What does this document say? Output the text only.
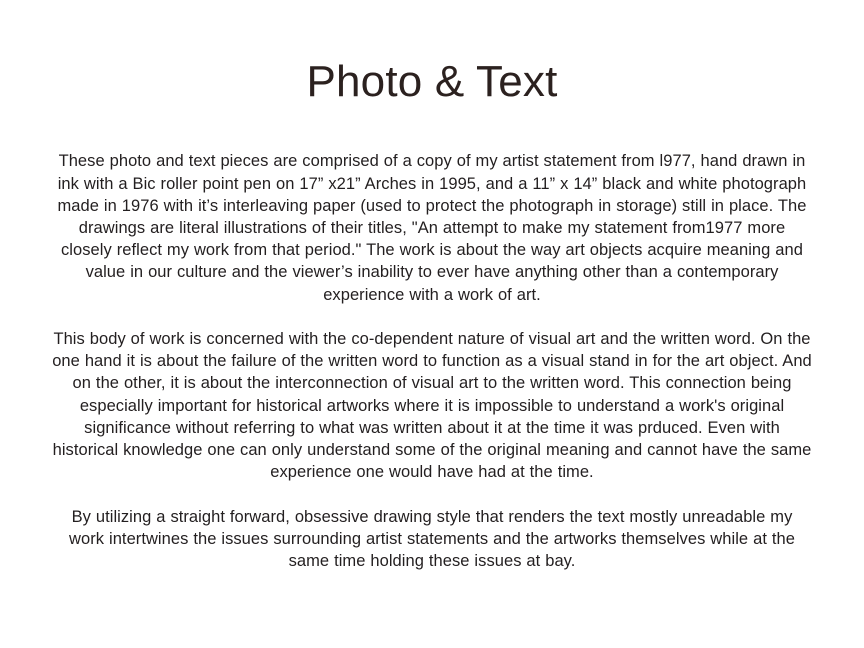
Photo & Text

These photo and text pieces are comprised of a copy of my artist statement from l977, hand drawn in ink with a Bic roller point pen on 17” x21” Arches in 1995, and a 11” x 14” black and white photograph made in 1976 with it’s interleaving paper (used to protect the photograph in storage) still in place. The drawings are literal illustrations of their titles, "An attempt to make my statement from1977 more closely reflect my work from that period." The work is about the way art objects acquire meaning and value in our culture and the viewer’s inability to ever have anything other than a contemporary experience with a work of art.

This body of work is concerned with the co-dependent nature of visual art and the written word. On the one hand it is about the failure of the written word to function as a visual stand in for the art object. And on the other, it is about the interconnection of visual art to the written word. This connection being especially important for historical artworks where it is impossible to understand a work's original significance without referring to what was written about it at the time it was prduced. Even with historical knowledge one can only understand some of the original meaning and cannot have the same experience one would have had at the time.

By utilizing a straight forward, obsessive drawing style that renders the text mostly unreadable my work intertwines the issues surrounding artist statements and the artworks themselves while at the same time holding these issues at bay.
